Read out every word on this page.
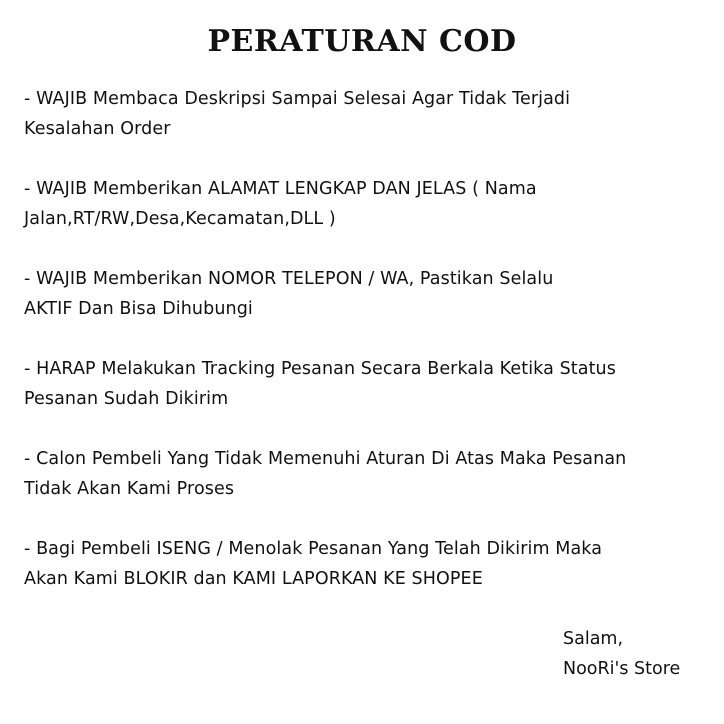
PERATURAN COD
- WAJIB Membaca Deskripsi Sampai Selesai Agar Tidak Terjadi
Kesalahan Order
- WAJIB Memberikan ALAMAT LENGKAP DAN JELAS ( Nama
Jalan,RT/RW,Desa,Kecamatan,DLL )
- WAJIB Memberikan NOMOR TELEPON / WA, Pastikan Selalu
AKTIF Dan Bisa Dihubungi
- HARAP Melakukan Tracking Pesanan Secara Berkala Ketika Status
Pesanan Sudah Dikirim
- Calon Pembeli Yang Tidak Memenuhi Aturan Di Atas Maka Pesanan
Tidak Akan Kami Proses
- Bagi Pembeli ISENG / Menolak Pesanan Yang Telah Dikirim Maka
Akan Kami BLOKIR dan KAMI LAPORKAN KE SHOPEE
Salam,
NooRi's Store
